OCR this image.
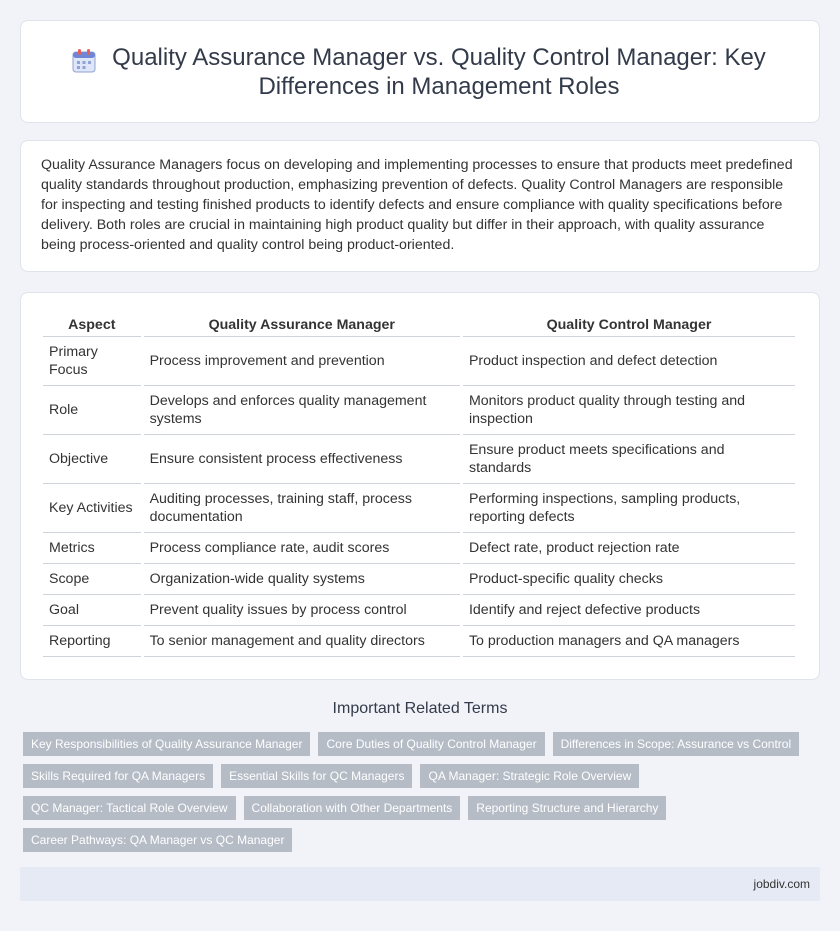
Quality Assurance Manager vs. Quality Control Manager: Key Differences in Management Roles

Quality Assurance Managers focus on developing and implementing processes to ensure that products meet predefined quality standards throughout production, emphasizing prevention of defects. Quality Control Managers are responsible for inspecting and testing finished products to identify defects and ensure compliance with quality specifications before delivery. Both roles are crucial in maintaining high product quality but differ in their approach, with quality assurance being process-oriented and quality control being product-oriented.

Aspect	Quality Assurance Manager	Quality Control Manager
Primary Focus	Process improvement and prevention	Product inspection and defect detection
Role	Develops and enforces quality management systems	Monitors product quality through testing and inspection
Objective	Ensure consistent process effectiveness	Ensure product meets specifications and standards
Key Activities	Auditing processes, training staff, process documentation	Performing inspections, sampling products, reporting defects
Metrics	Process compliance rate, audit scores	Defect rate, product rejection rate
Scope	Organization-wide quality systems	Product-specific quality checks
Goal	Prevent quality issues by process control	Identify and reject defective products
Reporting	To senior management and quality directors	To production managers and QA managers
Important Related Terms
Key Responsibilities of Quality Assurance Manager	Core Duties of Quality Control Manager	Differences in Scope: Assurance vs Control
Skills Required for QA Managers	Essential Skills for QC Managers	QA Manager: Strategic Role Overview
QC Manager: Tactical Role Overview	Collaboration with Other Departments	Reporting Structure and Hierarchy
Career Pathways: QA Manager vs QC Manager
jobdiv.com
